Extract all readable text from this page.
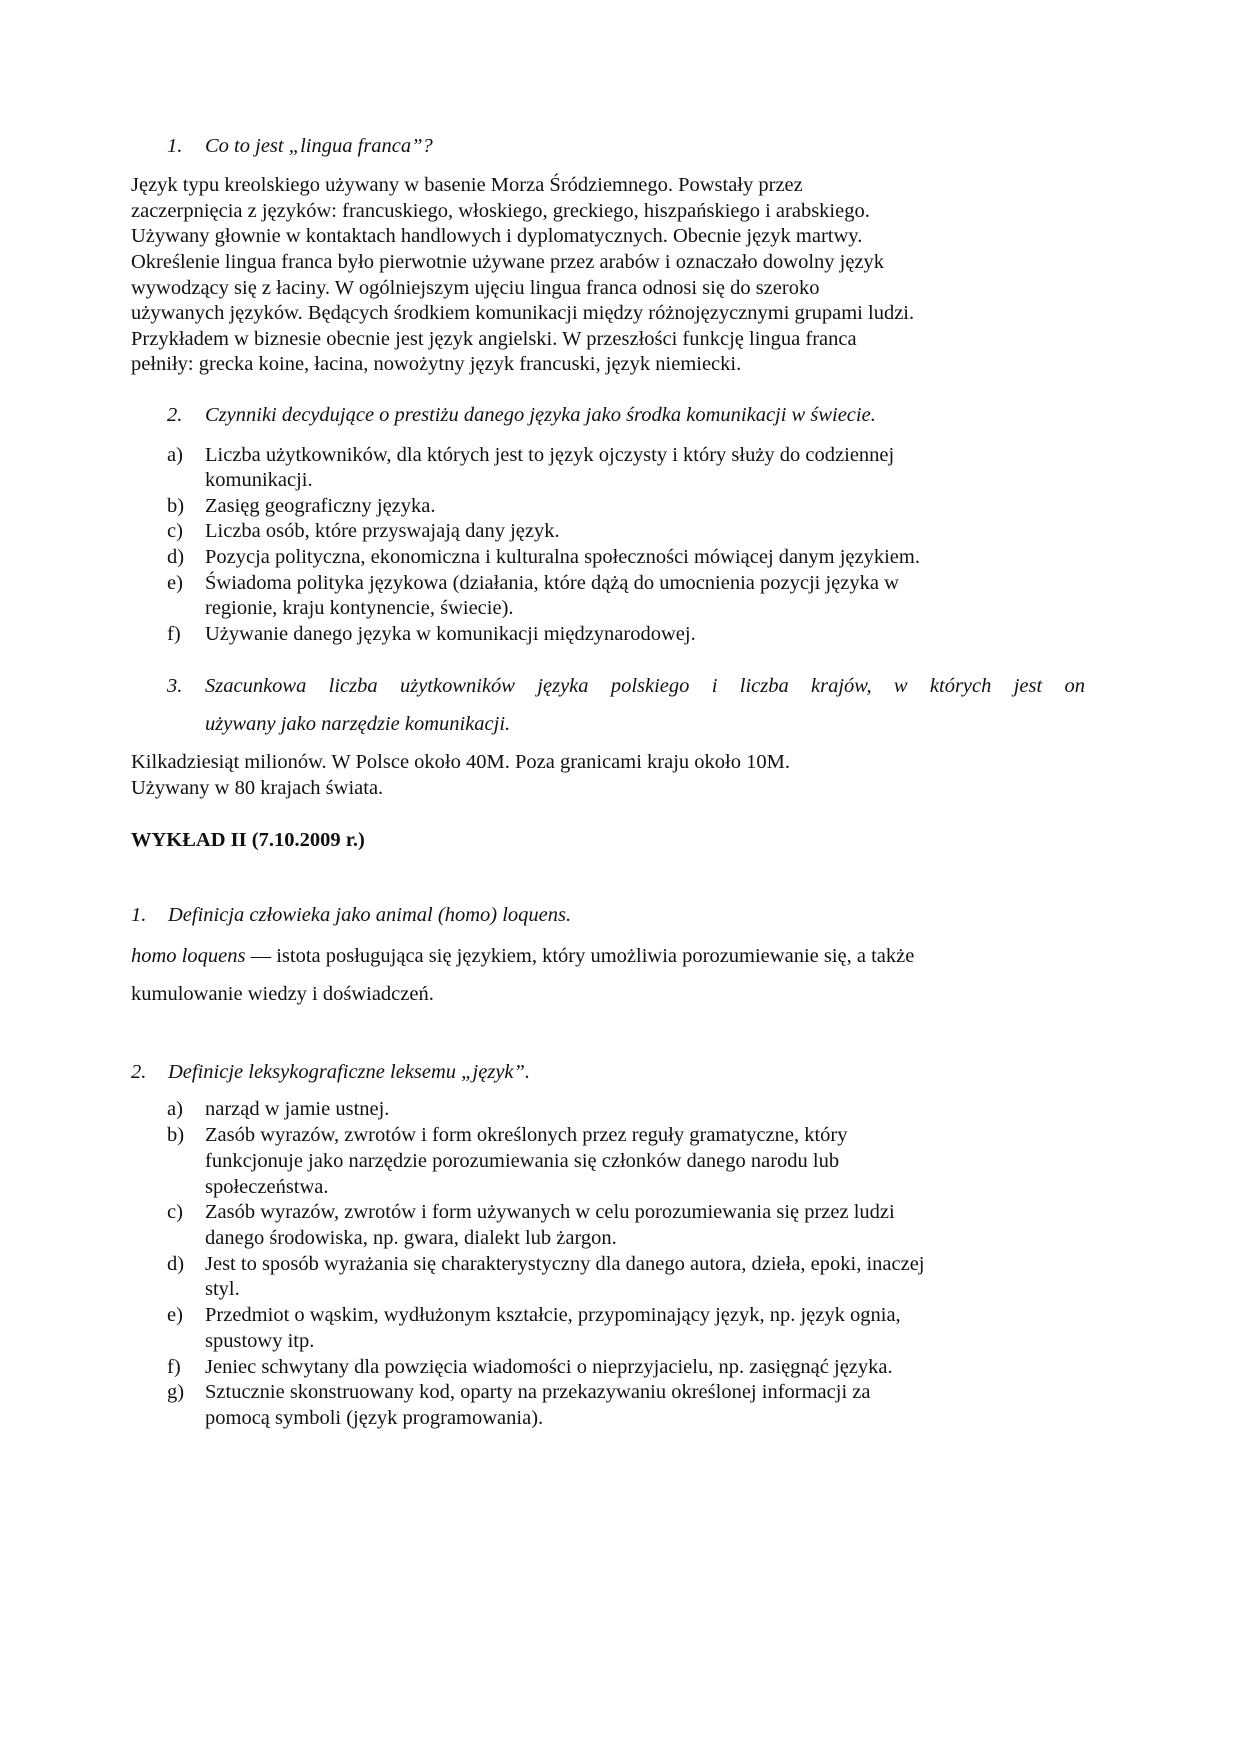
1. Co to jest „lingua franca”?
Język typu kreolskiego używany w basenie Morza Śródziemnego. Powstały przez
zaczerpnięcia z języków: francuskiego, włoskiego, greckiego, hiszpańskiego i arabskiego.
Używany głownie w kontaktach handlowych i dyplomatycznych. Obecnie język martwy.
Określenie lingua franca było pierwotnie używane przez arabów i oznaczało dowolny język
wywodzący się z łaciny. W ogólniejszym ujęciu lingua franca odnosi się do szeroko
używanych języków. Będących środkiem komunikacji między różnojęzycznymi grupami ludzi.
Przykładem w biznesie obecnie jest język angielski. W przeszłości funkcję lingua franca
pełniły: grecka koine, łacina, nowożytny język francuski, język niemiecki.
2. Czynniki decydujące o prestiżu danego języka jako środka komunikacji w świecie.
a) Liczba użytkowników, dla których jest to język ojczysty i który służy do codziennej
komunikacji.
b) Zasięg geograficzny języka.
c) Liczba osób, które przyswajają dany język.
d) Pozycja polityczna, ekonomiczna i kulturalna społeczności mówiącej danym językiem.
e) Świadoma polityka językowa (działania, które dążą do umocnienia pozycji języka w
regionie, kraju kontynencie, świecie).
f) Używanie danego języka w komunikacji międzynarodowej.
3. Szacunkowa liczba użytkowników języka polskiego i liczba krajów, w których jest on
używany jako narzędzie komunikacji.
Kilkadziesiąt milionów. W Polsce około 40M. Poza granicami kraju około 10M.
Używany w 80 krajach świata.
WYKŁAD II (7.10.2009 r.)
1. Definicja człowieka jako animal (homo) loquens.
homo loquens — istota posługująca się językiem, który umożliwia porozumiewanie się, a także
kumulowanie wiedzy i doświadczeń.
2. Definicje leksykograficzne leksemu „język”.
a) narząd w jamie ustnej.
b) Zasób wyrazów, zwrotów i form określonych przez reguły gramatyczne, który
funkcjonuje jako narzędzie porozumiewania się członków danego narodu lub
społeczeństwa.
c) Zasób wyrazów, zwrotów i form używanych w celu porozumiewania się przez ludzi
danego środowiska, np. gwara, dialekt lub żargon.
d) Jest to sposób wyrażania się charakterystyczny dla danego autora, dzieła, epoki, inaczej
styl.
e) Przedmiot o wąskim, wydłużonym kształcie, przypominający język, np. język ognia,
spustowy itp.
f) Jeniec schwytany dla powzięcia wiadomości o nieprzyjacielu, np. zasięgnąć języka.
g) Sztucznie skonstruowany kod, oparty na przekazywaniu określonej informacji za
pomocą symboli (język programowania).
